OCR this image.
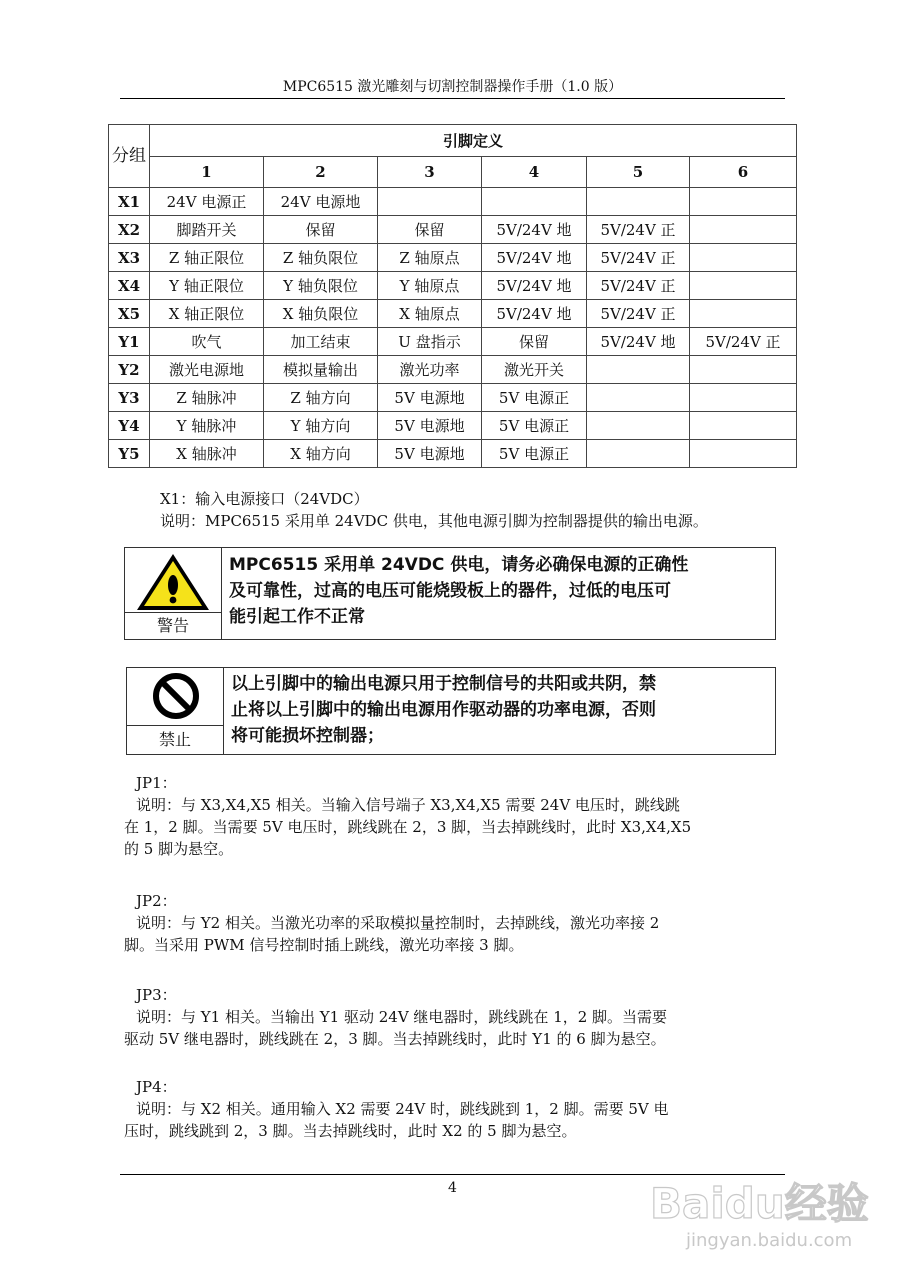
MPC6515 激光雕刻与切割控制器操作手册（1.0 版）
分组	引脚定义					
	1	2	3	4	5	6
X1	24V 电源正	24V 电源地				
X2	脚踏开关	保留	保留	5V/24V 地	5V/24V 正	
X3	Z 轴正限位	Z 轴负限位	Z 轴原点	5V/24V 地	5V/24V 正	
X4	Y 轴正限位	Y 轴负限位	Y 轴原点	5V/24V 地	5V/24V 正	
X5	X 轴正限位	X 轴负限位	X 轴原点	5V/24V 地	5V/24V 正	
Y1	吹气	加工结束	U 盘指示	保留	5V/24V 地	5V/24V 正
Y2	激光电源地	模拟量输出	激光功率	激光开关		
Y3	Z 轴脉冲	Z 轴方向	5V 电源地	5V 电源正		
Y4	Y 轴脉冲	Y 轴方向	5V 电源地	5V 电源正		
Y5	X 轴脉冲	X 轴方向	5V 电源地	5V 电源正		
X1：输入电源接口（24VDC）
说明：MPC6515 采用单 24VDC 供电，其他电源引脚为控制器提供的输出电源。
警告
MPC6515 采用单 24VDC 供电，请务必确保电源的正确性
及可靠性，过高的电压可能烧毁板上的器件，过低的电压可
能引起工作不正常
禁止
以上引脚中的输出电源只用于控制信号的共阳或共阴，禁
止将以上引脚中的输出电源用作驱动器的功率电源，否则
将可能损坏控制器；
JP1：
说明：与 X3,X4,X5 相关。当输入信号端子 X3,X4,X5 需要 24V 电压时，跳线跳
在 1，2 脚。当需要 5V 电压时，跳线跳在 2，3 脚，当去掉跳线时，此时 X3,X4,X5
的 5 脚为悬空。
JP2：
说明：与 Y2 相关。当激光功率的采取模拟量控制时，去掉跳线，激光功率接 2
脚。当采用 PWM 信号控制时插上跳线，激光功率接 3 脚。
JP3：
说明：与 Y1 相关。当输出 Y1 驱动 24V 继电器时，跳线跳在 1，2 脚。当需要
驱动 5V 继电器时，跳线跳在 2，3 脚。当去掉跳线时，此时 Y1 的 6 脚为悬空。
JP4：
说明：与 X2 相关。通用输入 X2 需要 24V 时，跳线跳到 1，2 脚。需要 5V 电
压时，跳线跳到 2，3 脚。当去掉跳线时，此时 X2 的 5 脚为悬空。
4	Baidu经验
jingyan.baidu.com
